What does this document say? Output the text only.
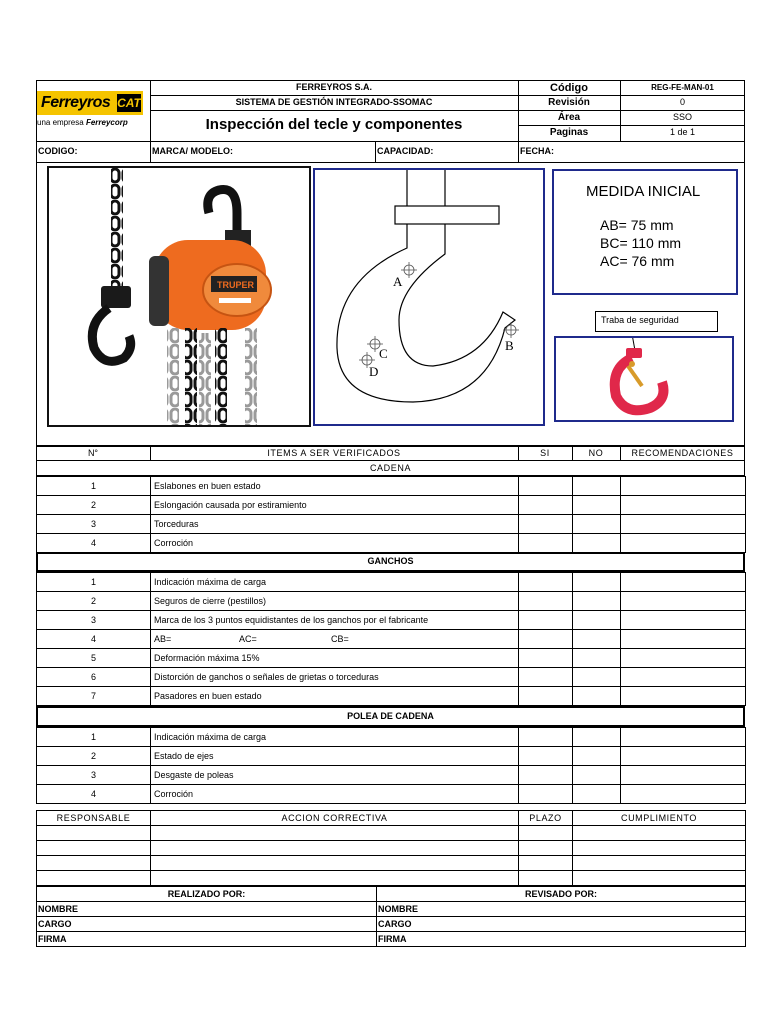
Ferreyros CAT
una empresa Ferreycorp
FERREYROS S.A.
SISTEMA DE GESTIÓN INTEGRADO-SSOMAC
Inspección del tecle y componentes
Código	REG-FE-MAN-01
Revisión	0
Área	SSO
Paginas	1 de 1
CODIGO:	MARCA/ MODELO:	CAPACIDAD:	FECHA:
TRUPER	A
B
C
D
MEDIDA INICIAL
AB= 75 mm
BC= 110 mm
AC= 76 mm
Traba de seguridad
N°	ITEMS A SER VERIFICADOS	SI	NO	RECOMENDACIONES
CADENA
1	Eslabones en buen estado			
2	Eslongación causada por estiramiento			
3	Torceduras			
4	Corroción			
GANCHOS
1	Indicación máxima de carga			
2	Seguros de cierre (pestillos)			
3	Marca de los 3 puntos equidistantes de los ganchos por el fabricante			
4	AB= AC= CB=			

5	Deformación máxima 15%			
6	Distorción de ganchos o señales de grietas o torceduras			
7	Pasadores en buen estado			
POLEA DE CADENA
1	Indicación máxima de carga			
2	Estado de ejes			
3	Desgaste de poleas			
4	Corroción			
RESPONSABLE	ACCION CORRECTIVA	PLAZO	CUMPLIMIENTO

REALIZADO POR:	REVISADO POR:
NOMBRE	NOMBRE
CARGO	CARGO
FIRMA	FIRMA
